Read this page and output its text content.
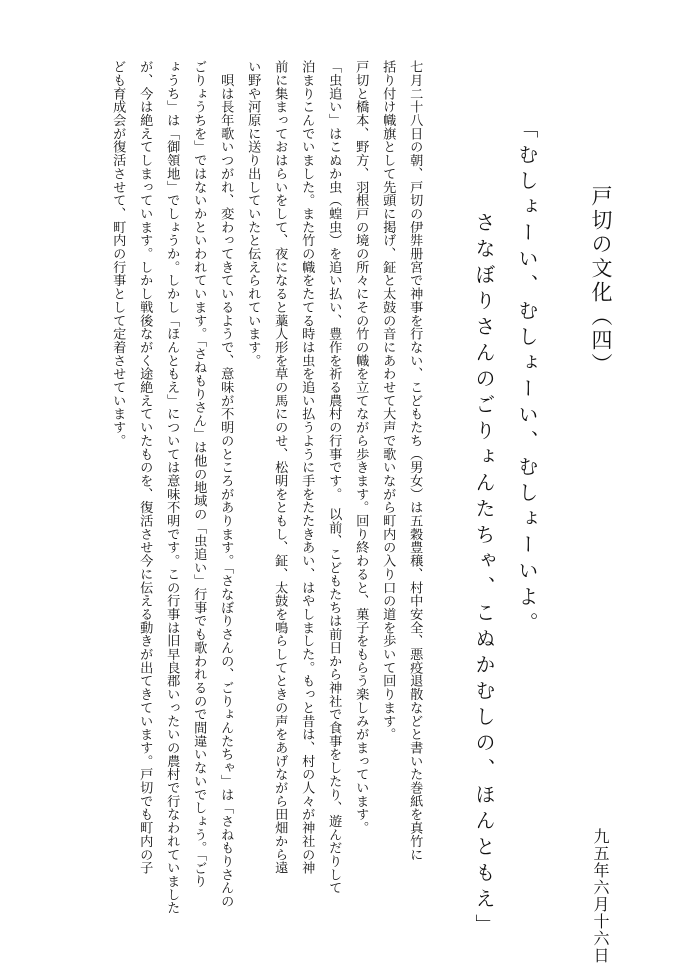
戸切の文化（四）
九五年六月十六日
「むしょーい、むしょーい、むしょーいよ。
さなぼりさんのごりょんたちゃ、こぬかむしの、ほんともえ」
七月二十八日の朝、戸切の伊弉册宮で神事を行ない、こどもたち（男女）は五穀豊穣、村中安全、悪疫退散などと書いた巻紙を真竹に
括り付け幟旗として先頭に掲げ、鉦と太鼓の音にあわせて大声で歌いながら町内の入り口の道を歩いて回ります。
戸切と橋本、野方、羽根戸の境の所々にその竹の幟を立てながら歩きます。回り終わると、菓子をもらう楽しみがまっています。
「虫追い」はこぬか虫（蝗虫）を追い払い、豊作を祈る農村の行事です。　以前、こどもたちは前日から神社で食事をしたり、遊んだりして
泊まりこんでいました。また竹の幟をたてる時は虫を追い払うように手をたたきあい、はやしました。もっと昔は、村の人々が神社の神
前に集まっておはらいをして、夜になると藁人形を草の馬にのせ、松明をともし、鉦、太鼓を鳴らしてときの声をあげながら田畑から遠
い野や河原に送り出していたと伝えられています。
　唄は長年歌いつがれ、変わってきているようで、意味が不明のところがあります。「さなぼりさんの、ごりょんたちゃ」は「さねもりさんの
ごりょうちを」ではないかといわれています。「さねもりさん」は他の地域の「虫追い」行事でも歌われるので間違いないでしょう。「ごり
ょうち」は「御領地」でしょうか。しかし「ほんともえ」については意味不明です。この行事は旧早良郡いったいの農村で行なわれていました
が、今は絶えてしまっています。しかし戦後ながく途絶えていたものを、復活させ今に伝える動きが出てきています。戸切でも町内の子
ども育成会が復活させて、町内の行事として定着させています。
